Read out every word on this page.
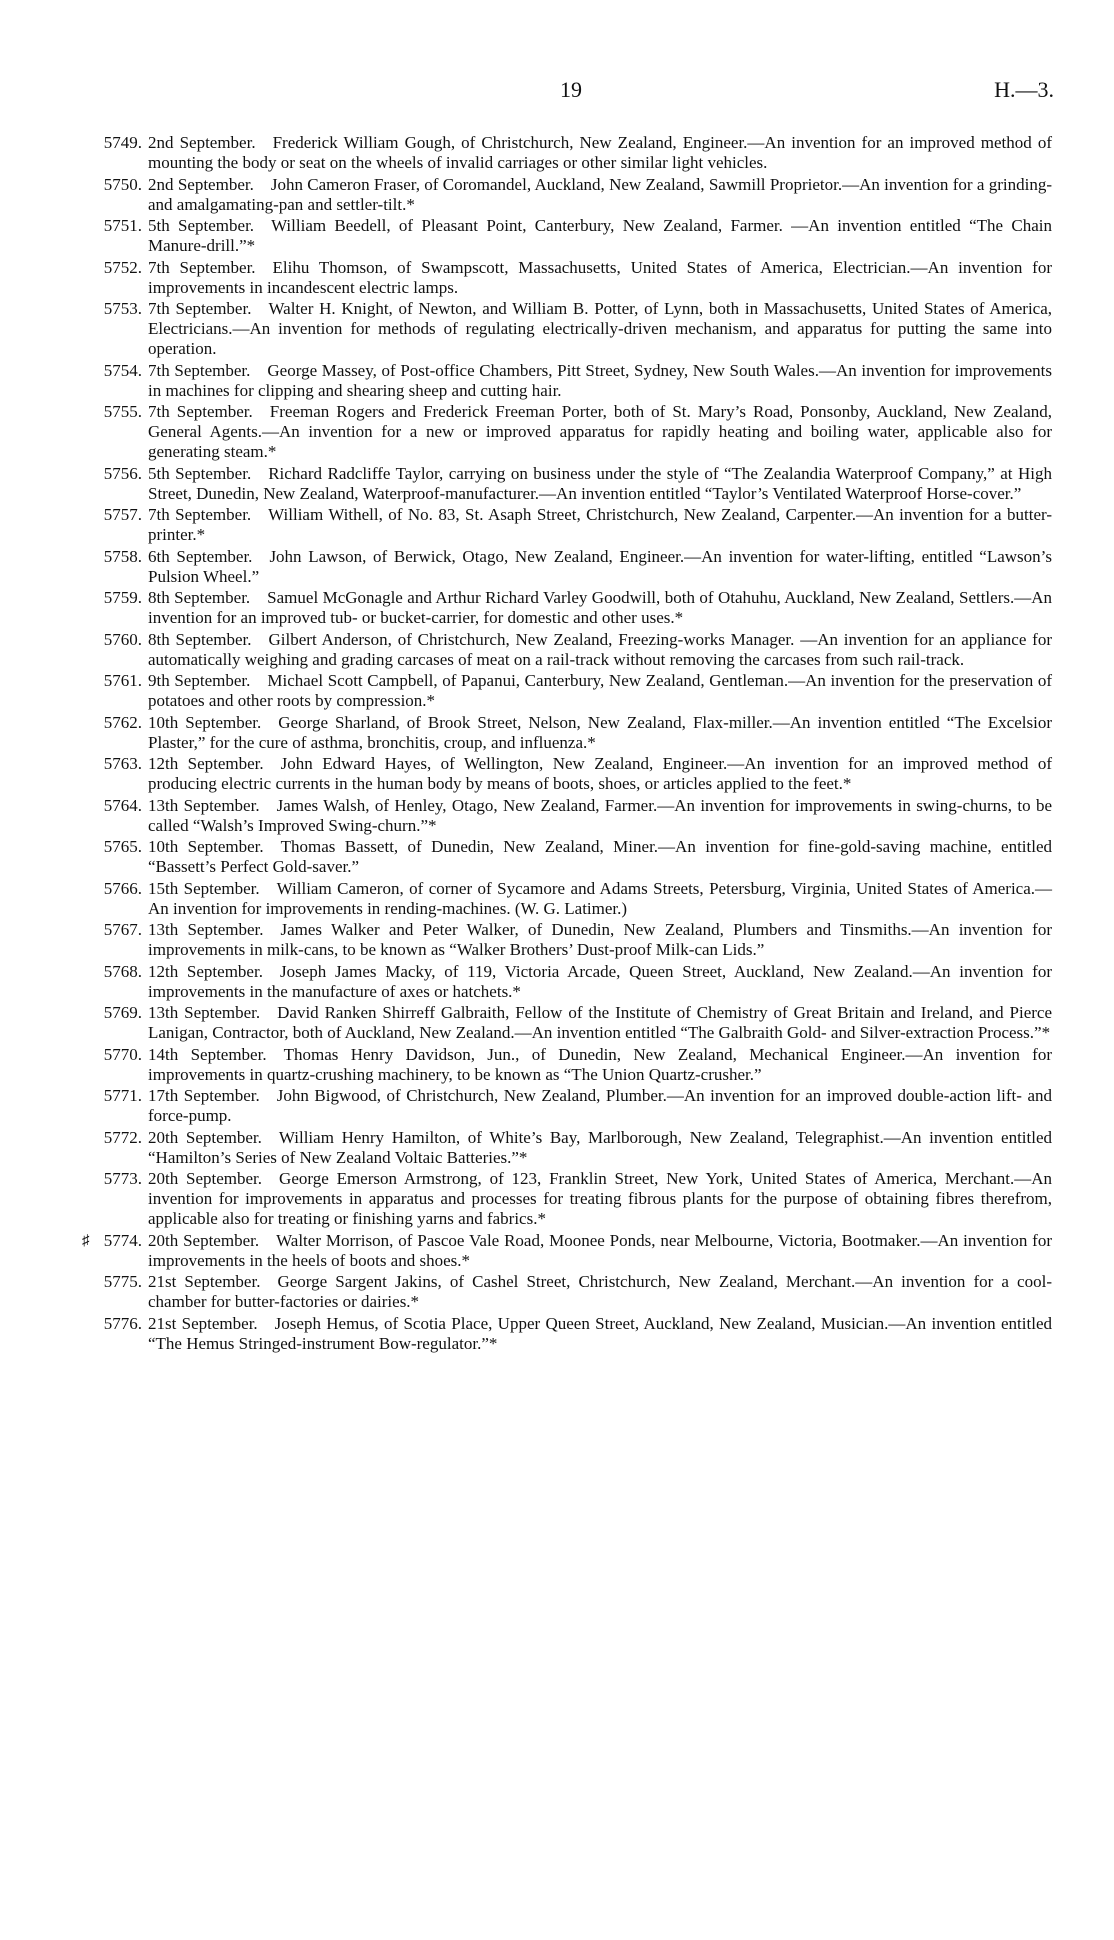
19	H.—3.
5749. 2nd September.  Frederick William Gough, of Christchurch, New Zealand, Engineer.—An invention for an improved method of mounting the body or seat on the wheels of invalid carriages or other similar light vehicles.
5750. 2nd September.  John Cameron Fraser, of Coromandel, Auckland, New Zealand, Sawmill Proprietor.—An invention for a grinding- and amalgamating-pan and settler-tilt.*
5751. 5th September.  William Beedell, of Pleasant Point, Canterbury, New Zealand, Farmer. —An invention entitled “The Chain Manure-drill.”*
5752. 7th September.  Elihu Thomson, of Swampscott, Massachusetts, United States of America, Electrician.—An invention for improvements in incandescent electric lamps.
5753. 7th September.  Walter H. Knight, of Newton, and William B. Potter, of Lynn, both in Massachusetts, United States of America, Electricians.—An invention for methods of regulating electrically-driven mechanism, and apparatus for putting the same into operation.
5754. 7th September.  George Massey, of Post-office Chambers, Pitt Street, Sydney, New South Wales.—An invention for improvements in machines for clipping and shearing sheep and cutting hair.
5755. 7th September.  Freeman Rogers and Frederick Freeman Porter, both of St. Mary’s Road, Ponsonby, Auckland, New Zealand, General Agents.—An invention for a new or improved apparatus for rapidly heating and boiling water, applicable also for generating steam.*
5756. 5th September.  Richard Radcliffe Taylor, carrying on business under the style of “The Zealandia Waterproof Company,” at High Street, Dunedin, New Zealand, Waterproof-manufacturer.—An invention entitled “Taylor’s Ventilated Waterproof Horse-cover.”
5757. 7th September.  William Withell, of No. 83, St. Asaph Street, Christchurch, New Zealand, Carpenter.—An invention for a butter-printer.*
5758. 6th September.  John Lawson, of Berwick, Otago, New Zealand, Engineer.—An invention for water-lifting, entitled “Lawson’s Pulsion Wheel.”
5759. 8th September.  Samuel McGonagle and Arthur Richard Varley Goodwill, both of Otahuhu, Auckland, New Zealand, Settlers.—An invention for an improved tub- or bucket-carrier, for domestic and other uses.*
5760. 8th September.  Gilbert Anderson, of Christchurch, New Zealand, Freezing-works Manager. —An invention for an appliance for automatically weighing and grading carcases of meat on a rail-track without removing the carcases from such rail-track.
5761. 9th September.  Michael Scott Campbell, of Papanui, Canterbury, New Zealand, Gentleman.—An invention for the preservation of potatoes and other roots by compression.*
5762. 10th September.  George Sharland, of Brook Street, Nelson, New Zealand, Flax-miller.—An invention entitled “The Excelsior Plaster,” for the cure of asthma, bronchitis, croup, and influenza.*
5763. 12th September.  John Edward Hayes, of Wellington, New Zealand, Engineer.—An invention for an improved method of producing electric currents in the human body by means of boots, shoes, or articles applied to the feet.*
5764. 13th September.  James Walsh, of Henley, Otago, New Zealand, Farmer.—An invention for improvements in swing-churns, to be called “Walsh’s Improved Swing-churn.”*
5765. 10th September.  Thomas Bassett, of Dunedin, New Zealand, Miner.—An invention for fine-gold-saving machine, entitled “Bassett’s Perfect Gold-saver.”
5766. 15th September.  William Cameron, of corner of Sycamore and Adams Streets, Petersburg, Virginia, United States of America.—An invention for improvements in rending-machines. (W. G. Latimer.)
5767. 13th September.  James Walker and Peter Walker, of Dunedin, New Zealand, Plumbers and Tinsmiths.—An invention for improvements in milk-cans, to be known as “Walker Brothers’ Dust-proof Milk-can Lids.”
5768. 12th September.  Joseph James Macky, of 119, Victoria Arcade, Queen Street, Auckland, New Zealand.—An invention for improvements in the manufacture of axes or hatchets.*
5769. 13th September.  David Ranken Shirreff Galbraith, Fellow of the Institute of Chemistry of Great Britain and Ireland, and Pierce Lanigan, Contractor, both of Auckland, New Zealand.—An invention entitled “The Galbraith Gold- and Silver-extraction Process.”*
5770. 14th September.  Thomas Henry Davidson, Jun., of Dunedin, New Zealand, Mechanical Engineer.—An invention for improvements in quartz-crushing machinery, to be known as “The Union Quartz-crusher.”
5771. 17th September.  John Bigwood, of Christchurch, New Zealand, Plumber.—An invention for an improved double-action lift- and force-pump.
5772. 20th September.  William Henry Hamilton, of White’s Bay, Marlborough, New Zealand, Telegraphist.—An invention entitled “Hamilton’s Series of New Zealand Voltaic Batteries.”*
5773. 20th September.  George Emerson Armstrong, of 123, Franklin Street, New York, United States of America, Merchant.—An invention for improvements in apparatus and processes for treating fibrous plants for the purpose of obtaining fibres therefrom, applicable also for treating or finishing yarns and fabrics.*
♯ 5774. 20th September.  Walter Morrison, of Pascoe Vale Road, Moonee Ponds, near Melbourne, Victoria, Bootmaker.—An invention for improvements in the heels of boots and shoes.*
5775. 21st September.  George Sargent Jakins, of Cashel Street, Christchurch, New Zealand, Merchant.—An invention for a cool-chamber for butter-factories or dairies.*
5776. 21st September.  Joseph Hemus, of Scotia Place, Upper Queen Street, Auckland, New Zealand, Musician.—An invention entitled “The Hemus Stringed-instrument Bow-regulator.”*
